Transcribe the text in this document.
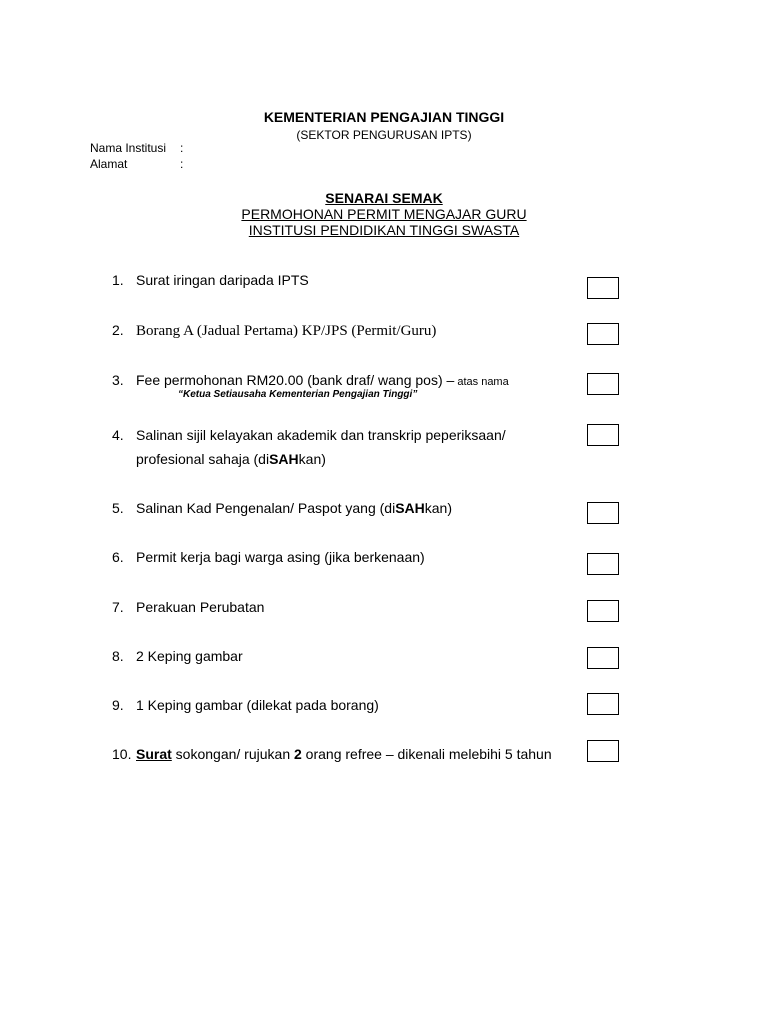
KEMENTERIAN PENGAJIAN TINGGI
(SEKTOR PENGURUSAN IPTS)
Nama Institusi :
Alamat	:
SENARAI SEMAK
PERMOHONAN PERMIT MENGAJAR GURU
INSTITUSI PENDIDIKAN TINGGI SWASTA
1. Surat iringan daripada IPTS
2. Borang A (Jadual Pertama) KP/JPS (Permit/Guru)
3. Fee permohonan RM20.00 (bank draf/ wang pos) – atas nama
“Ketua Setiausaha Kementerian Pengajian Tinggi”
4. Salinan sijil kelayakan akademik dan transkrip peperiksaan/
profesional sahaja (diSAHkan)
5. Salinan Kad Pengenalan/ Paspot yang (diSAHkan)
6. Permit kerja bagi warga asing (jika berkenaan)
7. Perakuan Perubatan
8. 2 Keping gambar
9. 1 Keping gambar (dilekat pada borang)
10. Surat sokongan/ rujukan 2 orang refree – dikenali melebihi 5 tahun
